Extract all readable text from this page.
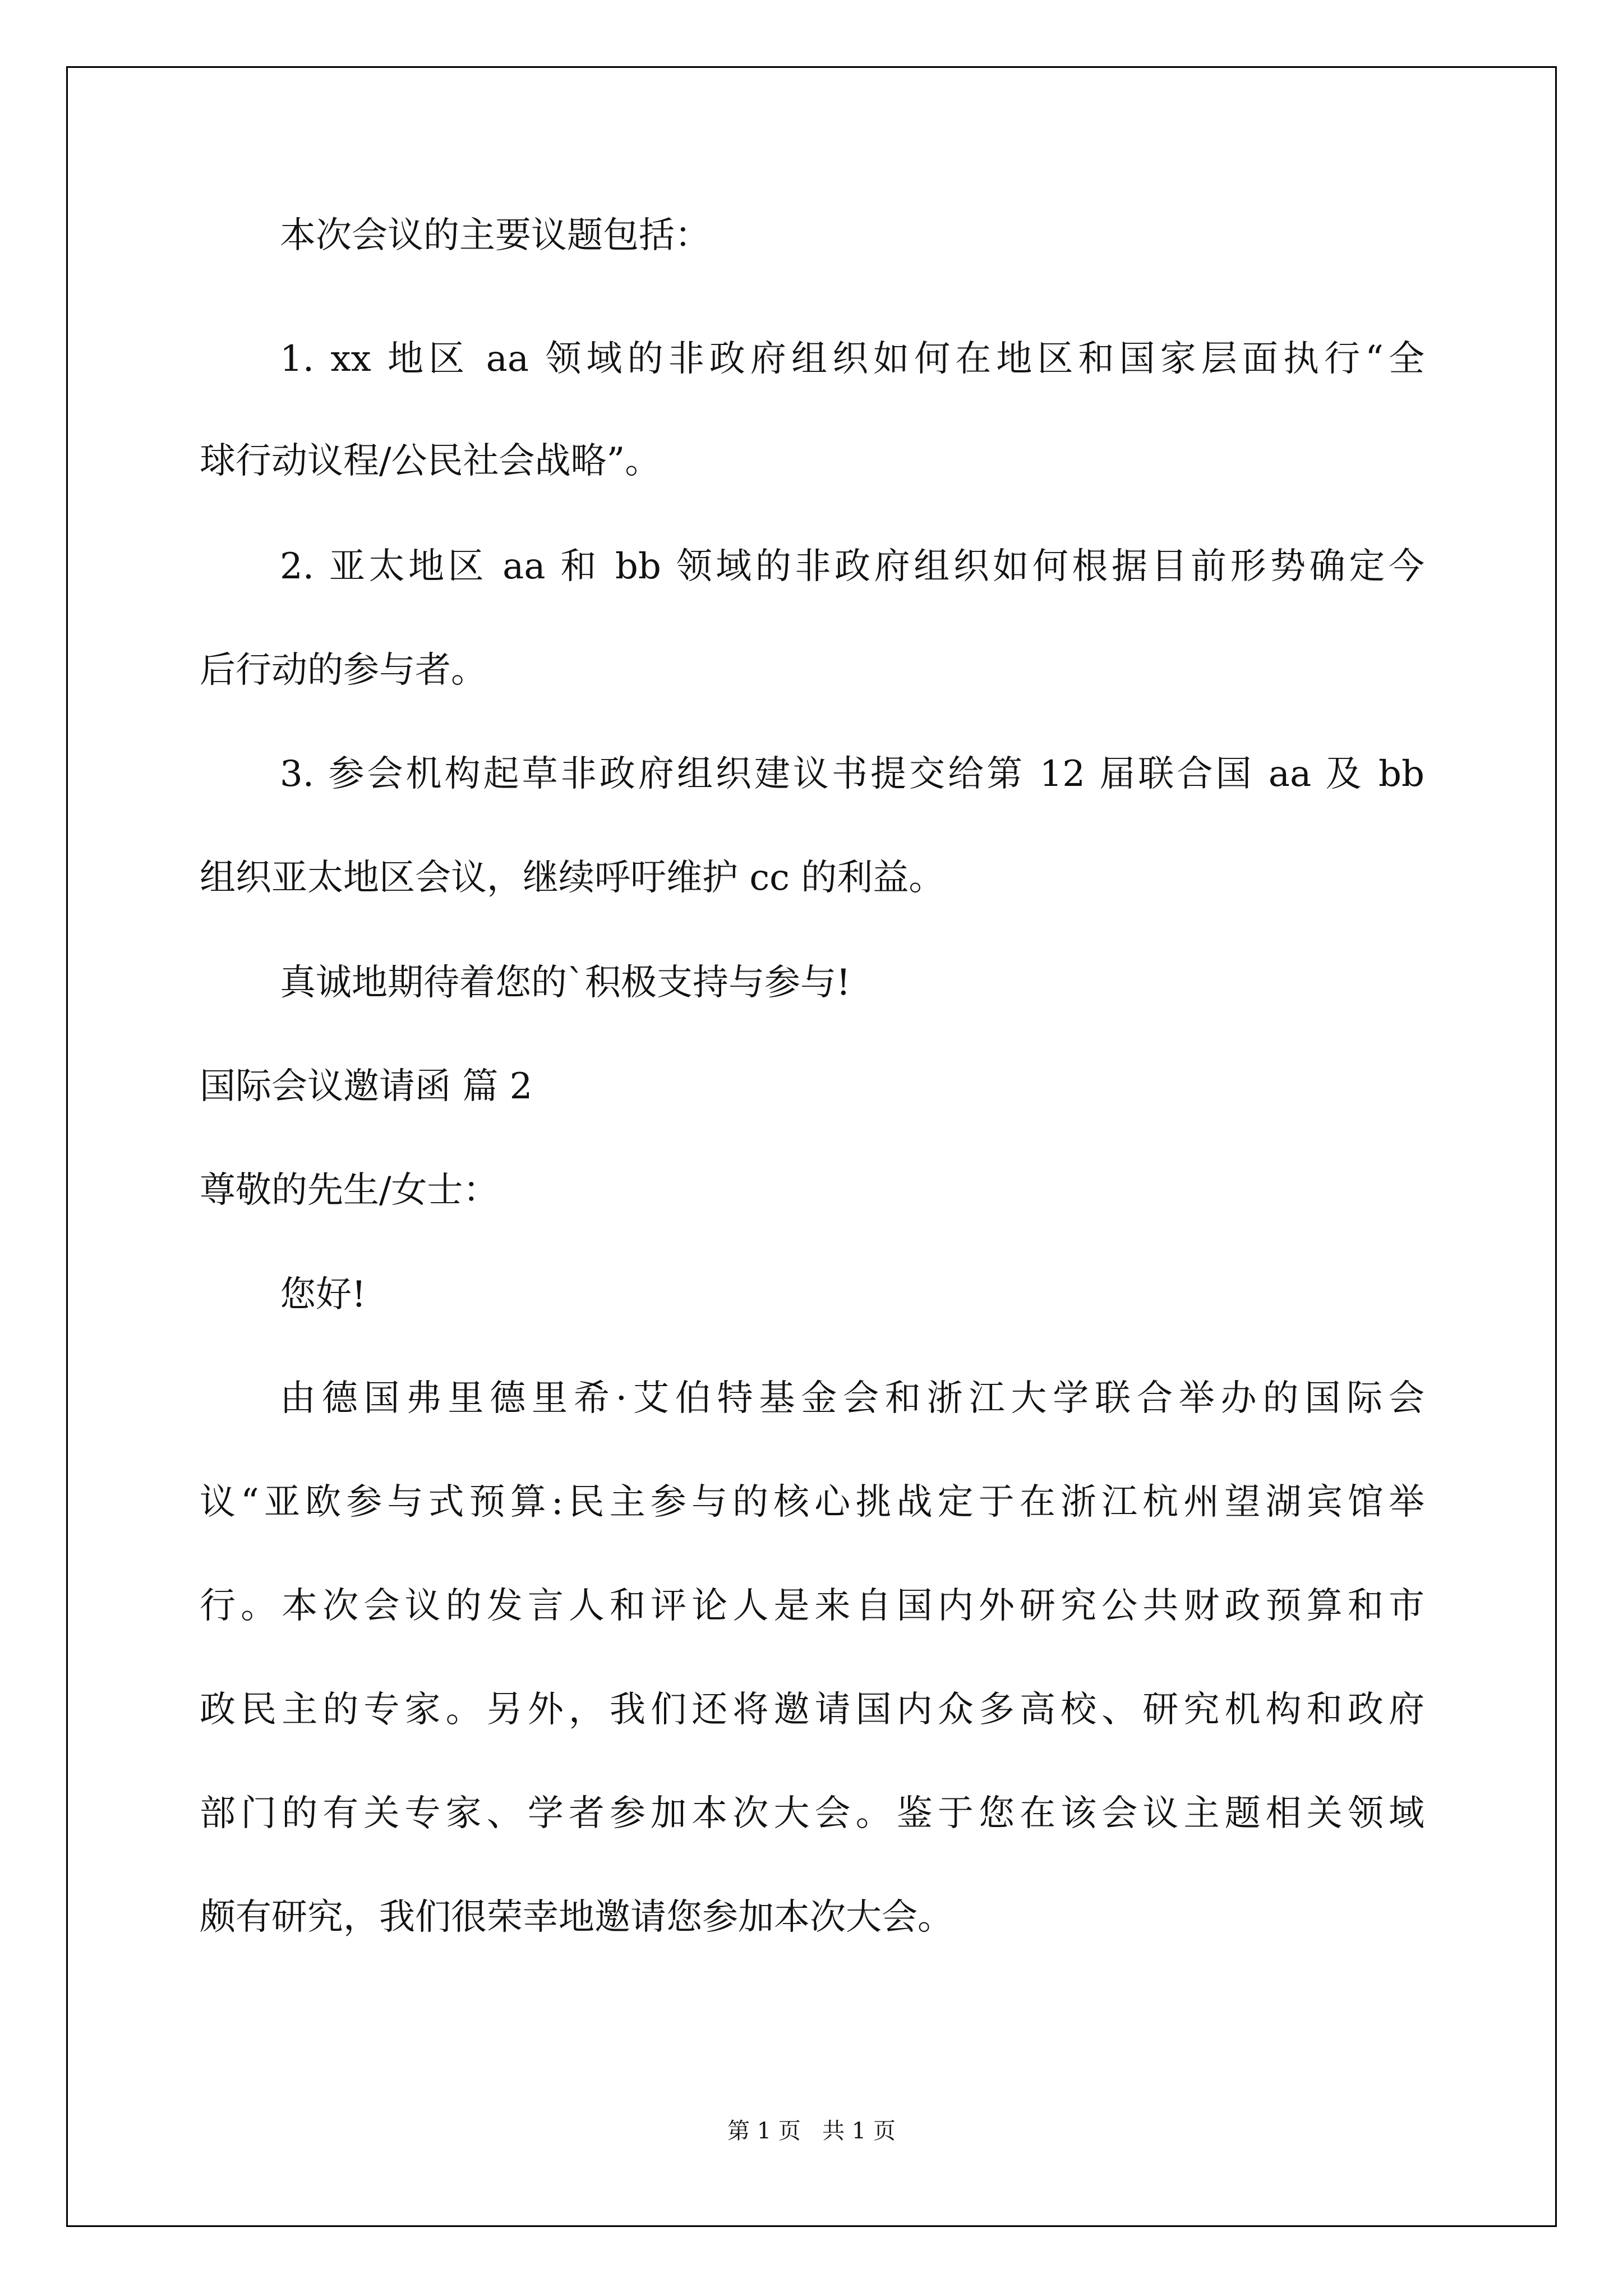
本次会议的主要议题包括：
1. xx 地区 aa 领域的非政府组织如何在地区和国家层面执行“全
球行动议程/公民社会战略”。
2. 亚太地区 aa 和 bb 领域的非政府组织如何根据目前形势确定今
后行动的参与者。
3. 参会机构起草非政府组织建议书提交给第 12 届联合国 aa 及 bb
组织亚太地区会议，继续呼吁维护 cc 的利益。
真诚地期待着您的`积极支持与参与!
国际会议邀请函 篇 2
尊敬的先生/女士：
您好!
由德国弗里德里希·艾伯特基金会和浙江大学联合举办的国际会
议“亚欧参与式预算:民主参与的核心挑战定于在浙江杭州望湖宾馆举
行。本次会议的发言人和评论人是来自国内外研究公共财政预算和市
政民主的专家。另外，我们还将邀请国内众多高校、研究机构和政府
部门的有关专家、学者参加本次大会。鉴于您在该会议主题相关领域
颇有研究，我们很荣幸地邀请您参加本次大会。
第 1 页   共 1 页
